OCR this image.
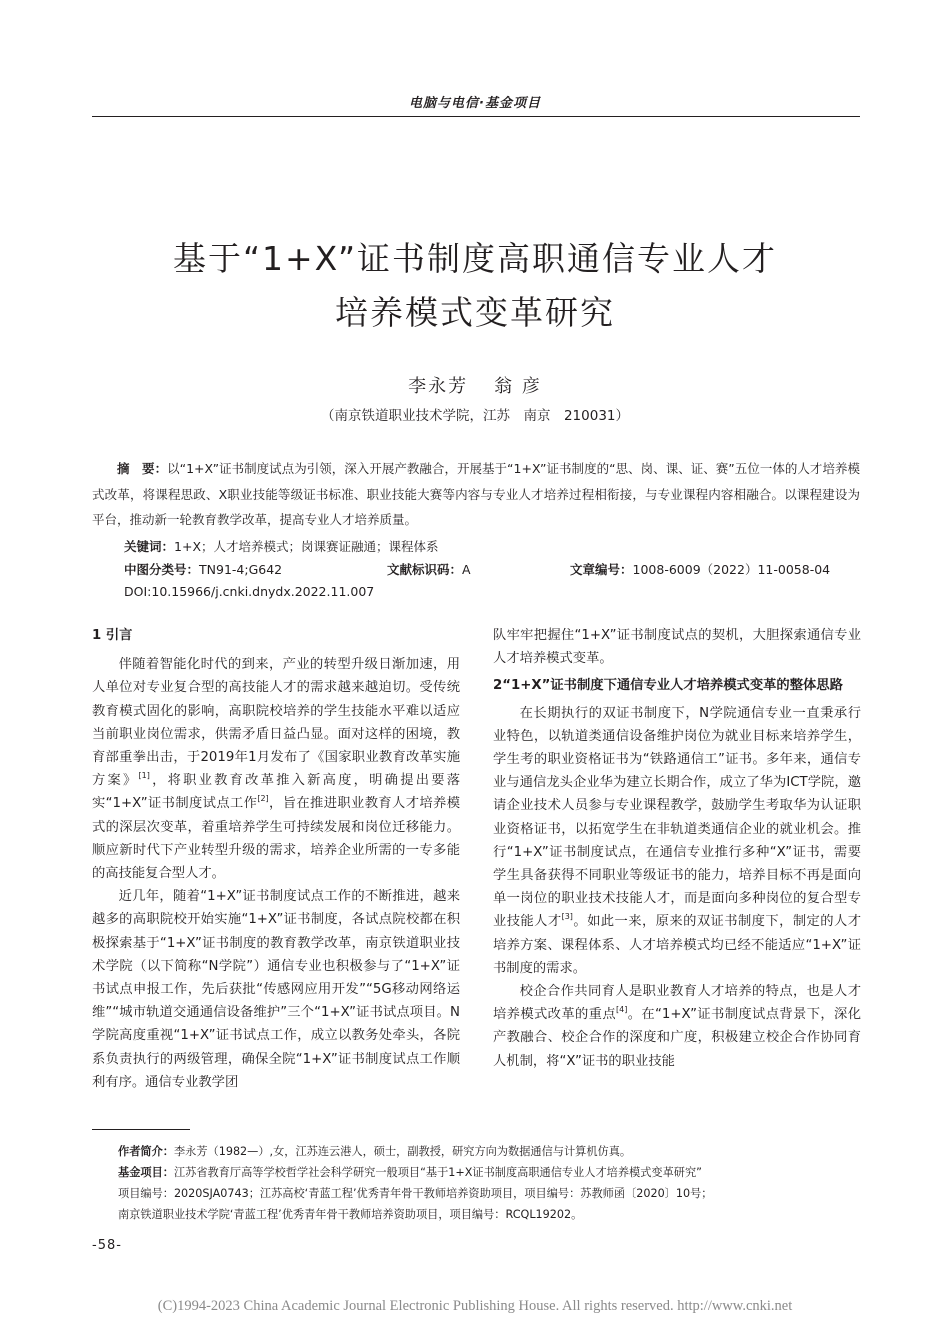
电脑与电信·基金项目
基于“1+X”证书制度高职通信专业人才
培养模式变革研究
李永芳 翁 彦
（南京铁道职业技术学院，江苏　南京　210031）
摘　要：以“1+X”证书制度试点为引领，深入开展产教融合，开展基于“1+X”证书制度的“思、岗、课、证、赛”五位一体的人才培养模式改革，将课程思政、X职业技能等级证书标准、职业技能大赛等内容与专业人才培养过程相衔接，与专业课程内容相融合。以课程建设为平台，推动新一轮教育教学改革，提高专业人才培养质量。
关键词：1+X；人才培养模式；岗课赛证融通；课程体系
中图分类号：TN91-4;G642	文献标识码：A	文章编号：1008-6009（2022）11-0058-04
DOI:10.15966/j.cnki.dnydx.2022.11.007
1 引言

伴随着智能化时代的到来，产业的转型升级日渐加速，用人单位对专业复合型的高技能人才的需求越来越迫切。受传统教育模式固化的影响，高职院校培养的学生技能水平难以适应当前职业岗位需求，供需矛盾日益凸显。面对这样的困境，教育部重拳出击，于2019年1月发布了《国家职业教育改革实施方案》[1]，将职业教育改革推入新高度，明确提出要落实“1+X”证书制度试点工作[2]，旨在推进职业教育人才培养模式的深层次变革，着重培养学生可持续发展和岗位迁移能力。顺应新时代下产业转型升级的需求，培养企业所需的一专多能的高技能复合型人才。

近几年，随着“1+X”证书制度试点工作的不断推进，越来越多的高职院校开始实施“1+X”证书制度，各试点院校都在积极探索基于“1+X”证书制度的教育教学改革，南京铁道职业技术学院（以下简称“N学院”）通信专业也积极参与了“1+X”证书试点申报工作，先后获批“传感网应用开发”“5G移动网络运维”“城市轨道交通通信设备维护”三个“1+X”证书试点项目。N学院高度重视“1+X”证书试点工作，成立以教务处牵头，各院系负责执行的两级管理，确保全院“1+X”证书制度试点工作顺利有序。通信专业教学团

队牢牢把握住“1+X”证书制度试点的契机，大胆探索通信专业人才培养模式变革。

2“1+X”证书制度下通信专业人才培养模式变革的整体思路

在长期执行的双证书制度下，N学院通信专业一直秉承行业特色，以轨道类通信设备维护岗位为就业目标来培养学生，学生考的职业资格证书为“铁路通信工”证书。多年来，通信专业与通信龙头企业华为建立长期合作，成立了华为ICT学院，邀请企业技术人员参与专业课程教学，鼓励学生考取华为认证职业资格证书，以拓宽学生在非轨道类通信企业的就业机会。推行“1+X”证书制度试点，在通信专业推行多种“X”证书，需要学生具备获得不同职业等级证书的能力，培养目标不再是面向单一岗位的职业技术技能人才，而是面向多种岗位的复合型专业技能人才[3]。如此一来，原来的双证书制度下，制定的人才培养方案、课程体系、人才培养模式均已经不能适应“1+X”证书制度的需求。

校企合作共同育人是职业教育人才培养的特点，也是人才培养模式改革的重点[4]。在“1+X”证书制度试点背景下，深化产教融合、校企合作的深度和广度，积极建立校企合作协同育人机制，将“X”证书的职业技能

作者简介：李永芳（1982—）,女，江苏连云港人，硕士，副教授，研究方向为数据通信与计算机仿真。
基金项目：江苏省教育厅高等学校哲学社会科学研究一般项目“基于1+X证书制度高职通信专业人才培养模式变革研究”
项目编号：2020SJA0743；江苏高校‘青蓝工程’优秀青年骨干教师培养资助项目，项目编号：苏教师函〔2020〕10号；
南京铁道职业技术学院‘青蓝工程’优秀青年骨干教师培养资助项目，项目编号：RCQL19202。
-58-
(C)1994-2023 China Academic Journal Electronic Publishing House. All rights reserved. http://www.cnki.net
